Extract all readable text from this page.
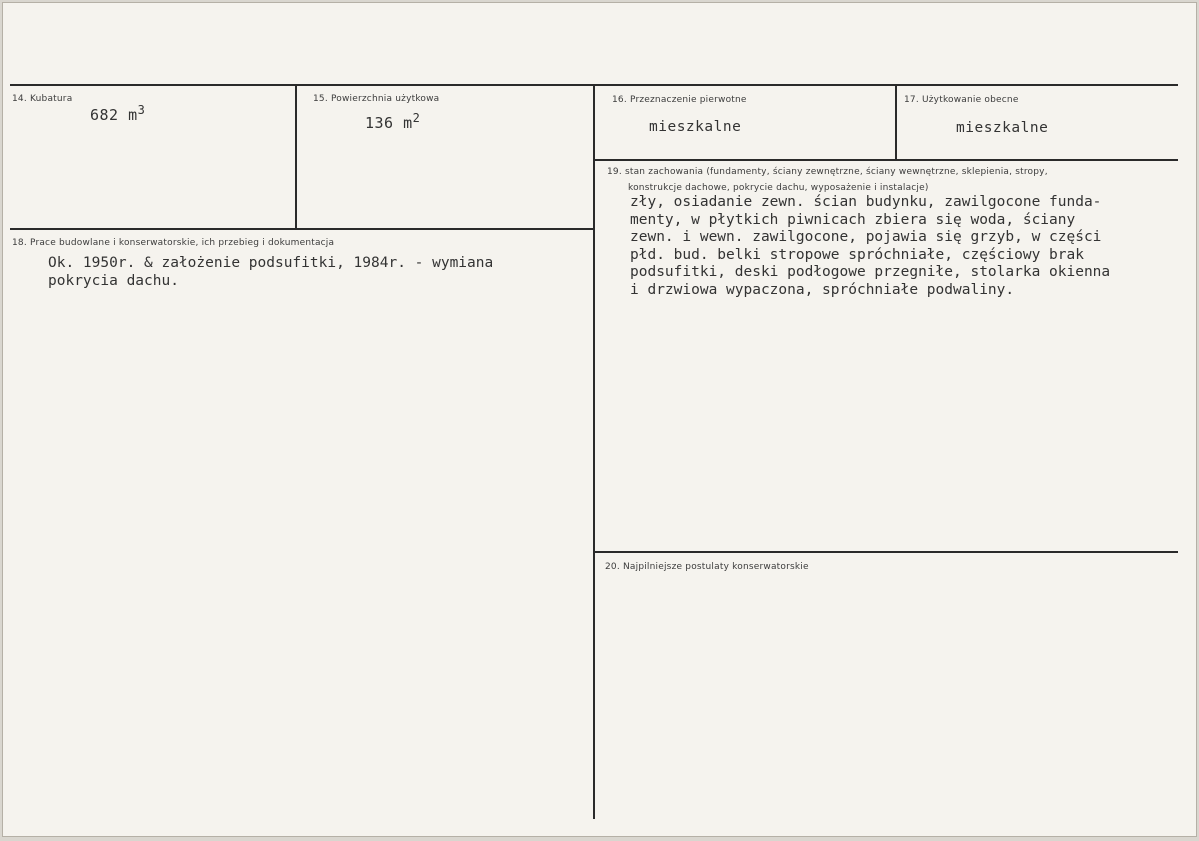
14. Kubatura
682 $m^3$
15. Powierzchnia użytkowa
136 $m^2$
16. Przeznaczenie pierwotne
mieszkalne
17. Użytkowanie obecne
mieszkalne
18. Prace budowlane i konserwatorskie, ich przebieg i dokumentacja
Ok. 1950r. & założenie podsufitki, 1984r. - wymiana
pokrycia dachu.
19. stan zachowania (fundamenty, ściany zewnętrzne, ściany wewnętrzne, sklepienia, stropy,
konstrukcje dachowe, pokrycie dachu, wyposażenie i instalacje)
zły, osiadanie zewn. ścian budynku, zawilgocone funda-
menty, w płytkich piwnicach zbiera się woda, ściany
zewn. i wewn. zawilgocone, pojawia się grzyb, w części
płd. bud. belki stropowe spróchniałe, częściowy brak
podsufitki, deski podłogowe przegniłe, stolarka okienna
i drzwiowa wypaczona, spróchniałe podwaliny.
20. Najpilniejsze postulaty konserwatorskie
